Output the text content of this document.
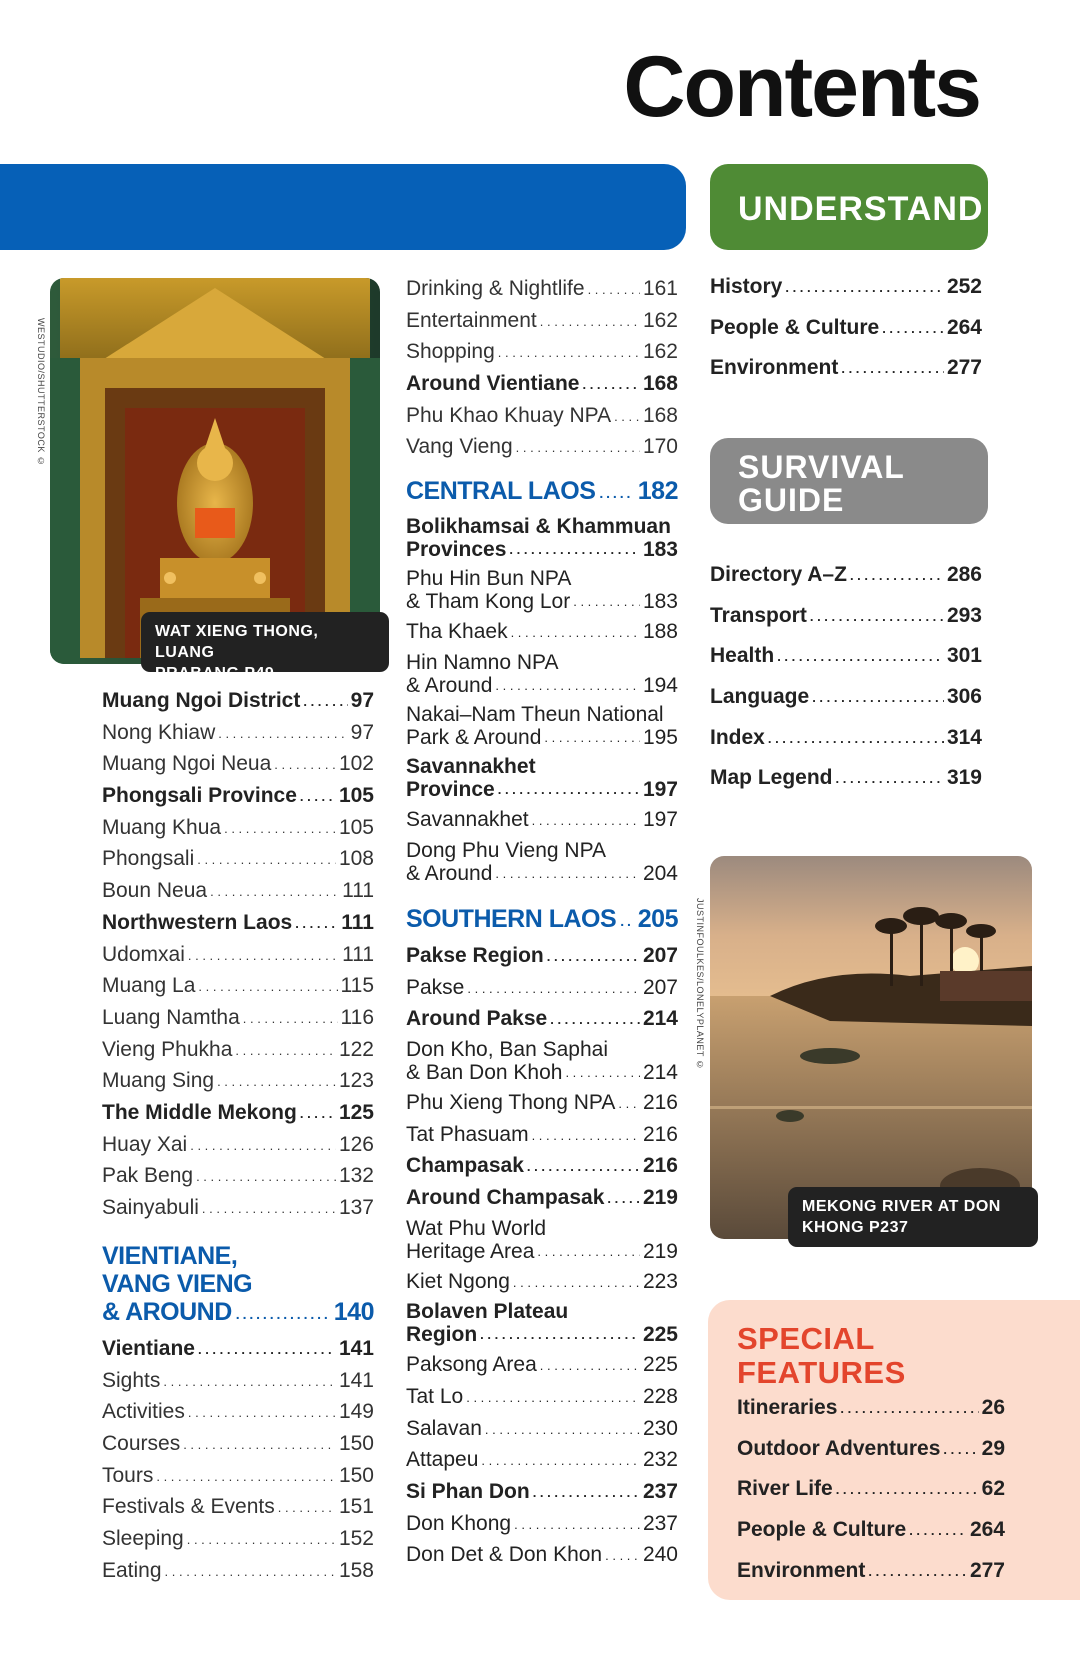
Contents
UNDERSTAND
SURVIVAL
GUIDE
WESTUDIO/SHUTTERSTOCK ©
WAT XIENG THONG, LUANG
PRABANG P49
JUSTINFOULKES/LONELYPLANET ©
MEKONG RIVER AT DON
KHONG P237
Muang Ngoi District . . . 97
Nong Khiaw . . .	97
Muang Ngoi Neua . . .	102
Phongsali Province . . . 105
Muang Khua . . .	105
Phongsali . . .	108
Boun Neua . . .	111
Northwestern Laos . . . 111
Udomxai . . .	111
Muang La . . .	115
Luang Namtha . . .	116
Vieng Phukha . . .	122
Muang Sing . . .	123
The Middle Mekong . . . 125
Huay Xai . . .	126
Pak Beng . . .	132
Sainyabuli . . .	137
VIENTIANE,
VANG VIENG
& AROUND . . .	140
Vientiane . . .	141
Sights . . .	141
Activities . . .	149
Courses . . .	150
Tours . . .	150
Festivals & Events . . .	151
Sleeping . . .	152
Eating . . .	158
Drinking & Nightlife . . .	161
Entertainment . . .	162
Shopping . . .	162
Around Vientiane . . .	168
Phu Khao Khuay NPA . . . 168
Vang Vieng . . .	170
CENTRAL LAOS . . . 182
Bolikhamsai & Khammuan
Provinces . . .	183
Phu Hin Bun NPA
& Tham Kong Lor . . .	183
Tha Khaek . . .	188
Hin Namno NPA
& Around . . .	194
Nakai–Nam Theun National
Park & Around . . .	195
Savannakhet
Province . . .	197
Savannakhet . . .	197
Dong Phu Vieng NPA
& Around . . .	204
SOUTHERN LAOS . . . 205
Pakse Region . . .	207
Pakse . . .	207
Around Pakse . . .	214
Don Kho, Ban Saphai
& Ban Don Khoh . . .	214
Phu Xieng Thong NPA . . . 216
Tat Phasuam . . .	216
Champasak . . .	216
Around Champasak . . . 219
Wat Phu World
Heritage Area . . .	219
Kiet Ngong . . .	223
Bolaven Plateau
Region . . .	225
Paksong Area . . .	225
Tat Lo . . .	228
Salavan . . .	230
Attapeu . . .	232
Si Phan Don . . .	237
Don Khong . . .	237
Don Det & Don Khon . . . 240
History . . .	252
People & Culture . . .	264
Environment . . .	277
Directory A–Z . . .	286
Transport . . .	293
Health . . .	301
Language . . .	306
Index . . .	314
Map Legend . . .	319
SPECIAL
FEATURES
Itineraries . . .	26
Outdoor Adventures . . . 29
River Life . . .	62
People & Culture . . .	264
Environment . . .	277
